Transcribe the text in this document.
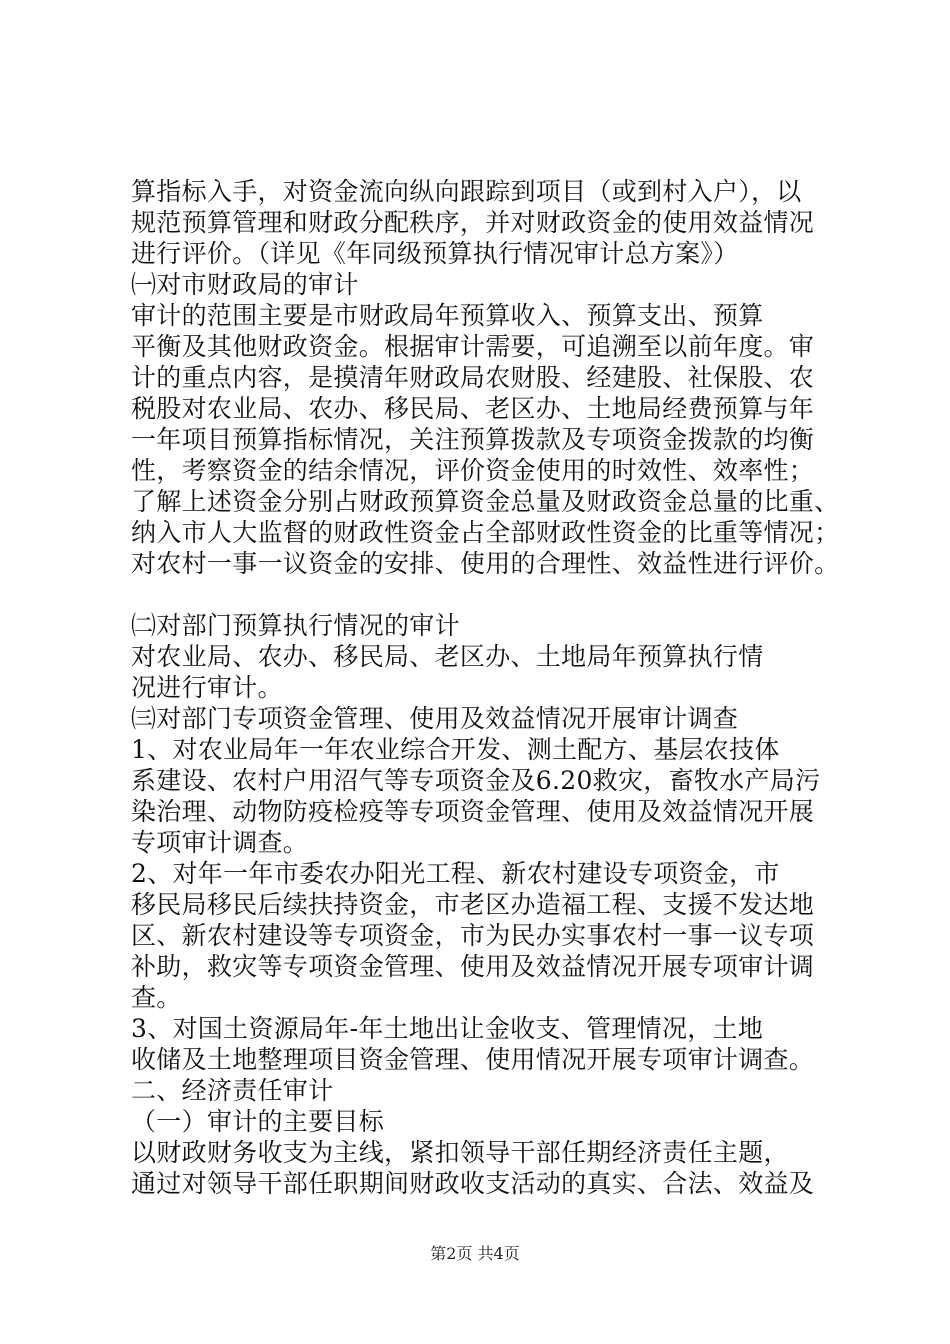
算指标入手，对资金流向纵向跟踪到项目（或到村入户），以
规范预算管理和财政分配秩序，并对财政资金的使用效益情况
进行评价。（详见《年同级预算执行情况审计总方案》）
㈠对市财政局的审计
审计的范围主要是市财政局年预算收入、预算支出、预算
平衡及其他财政资金。根据审计需要，可追溯至以前年度。审
计的重点内容，是摸清年财政局农财股、经建股、社保股、农
税股对农业局、农办、移民局、老区办、土地局经费预算与年
一年项目预算指标情况，关注预算拨款及专项资金拨款的均衡
性，考察资金的结余情况，评价资金使用的时效性、效率性；
了解上述资金分别占财政预算资金总量及财政资金总量的比重、
纳入市人大监督的财政性资金占全部财政性资金的比重等情况；
对农村一事一议资金的安排、使用的合理性、效益性进行评价。
㈡对部门预算执行情况的审计
对农业局、农办、移民局、老区办、土地局年预算执行情
况进行审计。
㈢对部门专项资金管理、使用及效益情况开展审计调查
1、对农业局年一年农业综合开发、测土配方、基层农技体
系建设、农村户用沼气等专项资金及6.20救灾，畜牧水产局污
染治理、动物防疫检疫等专项资金管理、使用及效益情况开展
专项审计调查。
2、对年一年市委农办阳光工程、新农村建设专项资金，市
移民局移民后续扶持资金，市老区办造福工程、支援不发达地
区、新农村建设等专项资金，市为民办实事农村一事一议专项
补助，救灾等专项资金管理、使用及效益情况开展专项审计调
查。
3、对国土资源局年-年土地出让金收支、管理情况，土地
收储及土地整理项目资金管理、使用情况开展专项审计调查。
二、经济责任审计
（一）审计的主要目标
以财政财务收支为主线，紧扣领导干部任期经济责任主题，
通过对领导干部任职期间财政收支活动的真实、合法、效益及
第2页 共4页
